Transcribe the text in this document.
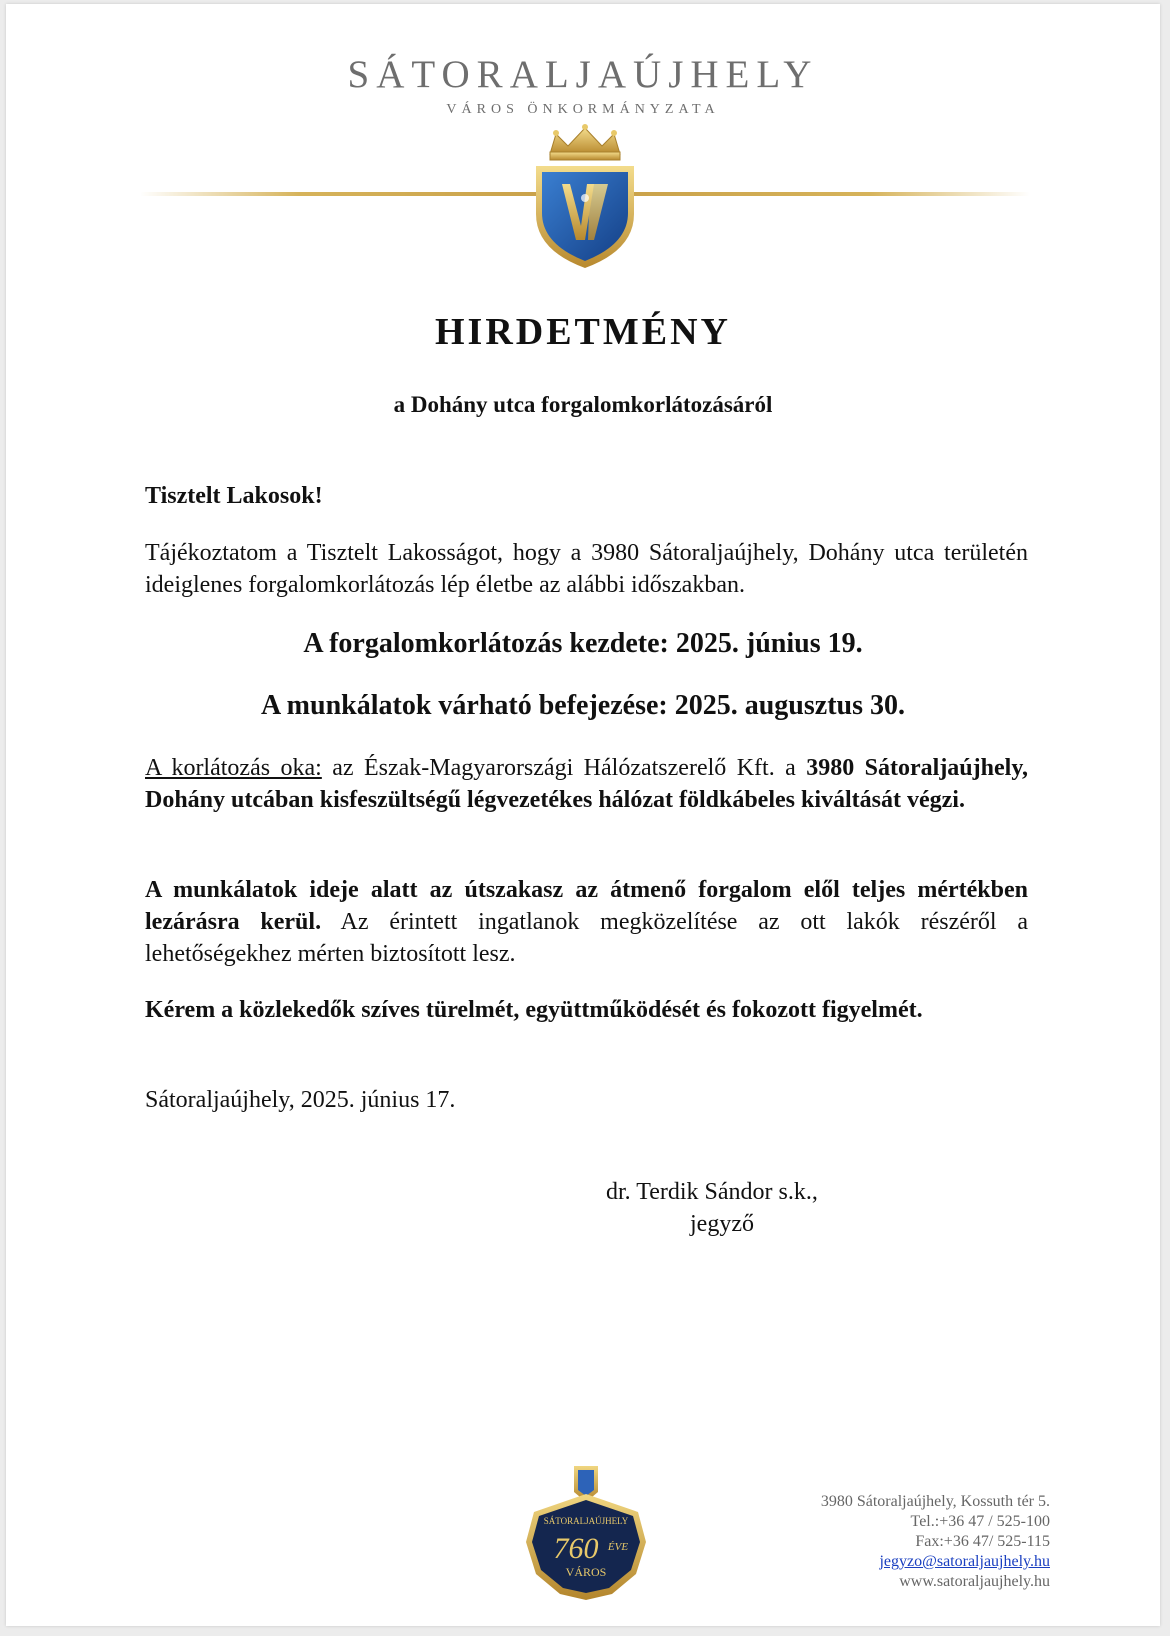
SÁTORALJAÚJHELY
VÁROS ÖNKORMÁNYZATA
HIRDETMÉNY
a Dohány utca forgalomkorlátozásáról
Tisztelt Lakosok!
Tájékoztatom a Tisztelt Lakosságot, hogy a 3980 Sátoraljaújhely, Dohány utca területén ideiglenes forgalomkorlátozás lép életbe az alábbi időszakban.
A forgalomkorlátozás kezdete: 2025. június 19.
A munkálatok várható befejezése: 2025. augusztus 30.
A korlátozás oka: az Észak-Magyarországi Hálózatszerelő Kft. a 3980 Sátoraljaújhely, Dohány utcában kisfeszültségű légvezetékes hálózat földkábeles kiváltását végzi.
A munkálatok ideje alatt az útszakasz az átmenő forgalom elől teljes mértékben lezárásra kerül. Az érintett ingatlanok megközelítése az ott lakók részéről a lehetőségekhez mérten biztosított lesz.
Kérem a közlekedők szíves türelmét, együttműködését és fokozott figyelmét.
Sátoraljaújhely, 2025. június 17.
dr. Terdik Sándor s.k.,
jegyző
SÁTORALJAÚJHELY
760 ÉVE
VÁROS
3980 Sátoraljaújhely, Kossuth tér 5.
Tel.:+36 47 / 525-100
Fax:+36 47/ 525-115
jegyzo@satoraljaujhely.hu
www.satoraljaujhely.hu
